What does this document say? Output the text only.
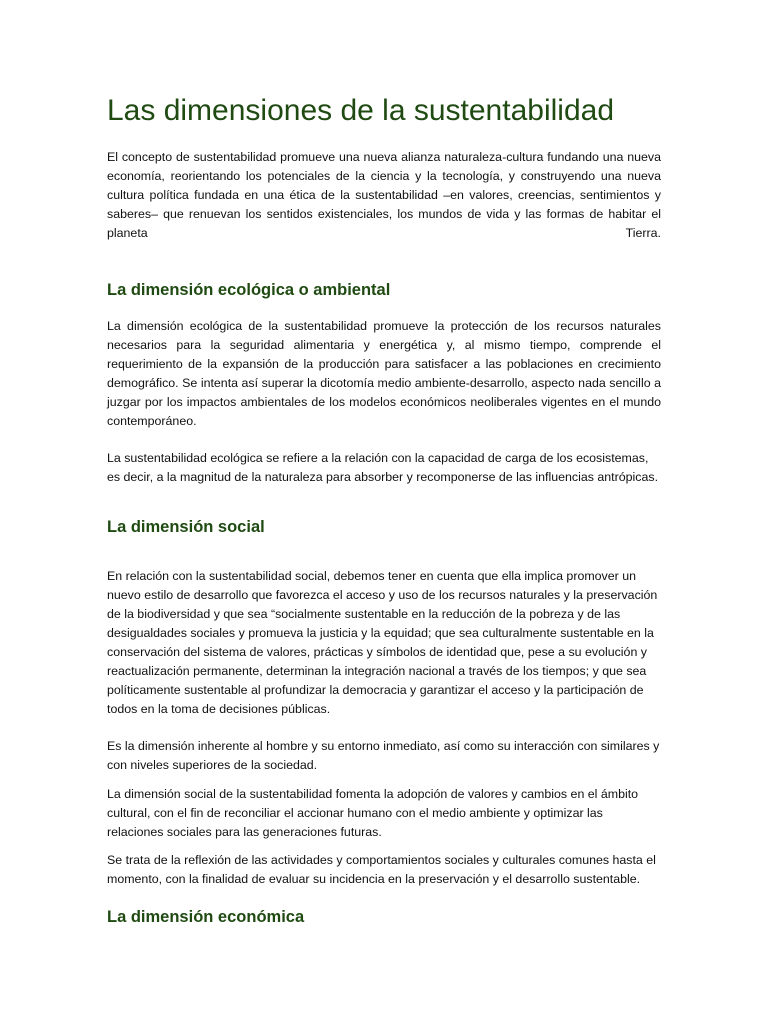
Las dimensiones de la sustentabilidad

El concepto de sustentabilidad promueve una nueva alianza naturaleza-cultura fundando una nueva economía, reorientando los potenciales de la ciencia y la tecnología, y construyendo una nueva cultura política fundada en una ética de la sustentabilidad –en valores, creencias, sentimientos y saberes– que renuevan los sentidos existenciales, los mundos de vida y las formas de habitar el planeta Tierra.

La dimensión ecológica o ambiental

La dimensión ecológica de la sustentabilidad promueve la protección de los recursos naturales necesarios para la seguridad alimentaria y energética y, al mismo tiempo, comprende el requerimiento de la expansión de la producción para satisfacer a las poblaciones en crecimiento demográfico. Se intenta así superar la dicotomía medio ambiente-desarrollo, aspecto nada sencillo a juzgar por los impactos ambientales de los modelos económicos neoliberales vigentes en el mundo contemporáneo.

La sustentabilidad ecológica se refiere a la relación con la capacidad de carga de los ecosistemas, es decir, a la magnitud de la naturaleza para absorber y recomponerse de las influencias antrópicas.

La dimensión social

En relación con la sustentabilidad social, debemos tener en cuenta que ella implica promover un nuevo estilo de desarrollo que favorezca el acceso y uso de los recursos naturales y la preservación de la biodiversidad y que sea “socialmente sustentable en la reducción de la pobreza y de las desigualdades sociales y promueva la justicia y la equidad; que sea culturalmente sustentable en la conservación del sistema de valores, prácticas y símbolos de identidad que, pese a su evolución y reactualización permanente, determinan la integración nacional a través de los tiempos; y que sea políticamente sustentable al profundizar la democracia y garantizar el acceso y la participación de todos en la toma de decisiones públicas.

Es la dimensión inherente al hombre y su entorno inmediato, así como su interacción con similares y con niveles superiores de la sociedad.

La dimensión social de la sustentabilidad fomenta la adopción de valores y cambios en el ámbito cultural, con el fin de reconciliar el accionar humano con el medio ambiente y optimizar las relaciones sociales para las generaciones futuras.

Se trata de la reflexión de las actividades y comportamientos sociales y culturales comunes hasta el momento, con la finalidad de evaluar su incidencia en la preservación y el desarrollo sustentable.

La dimensión económica
